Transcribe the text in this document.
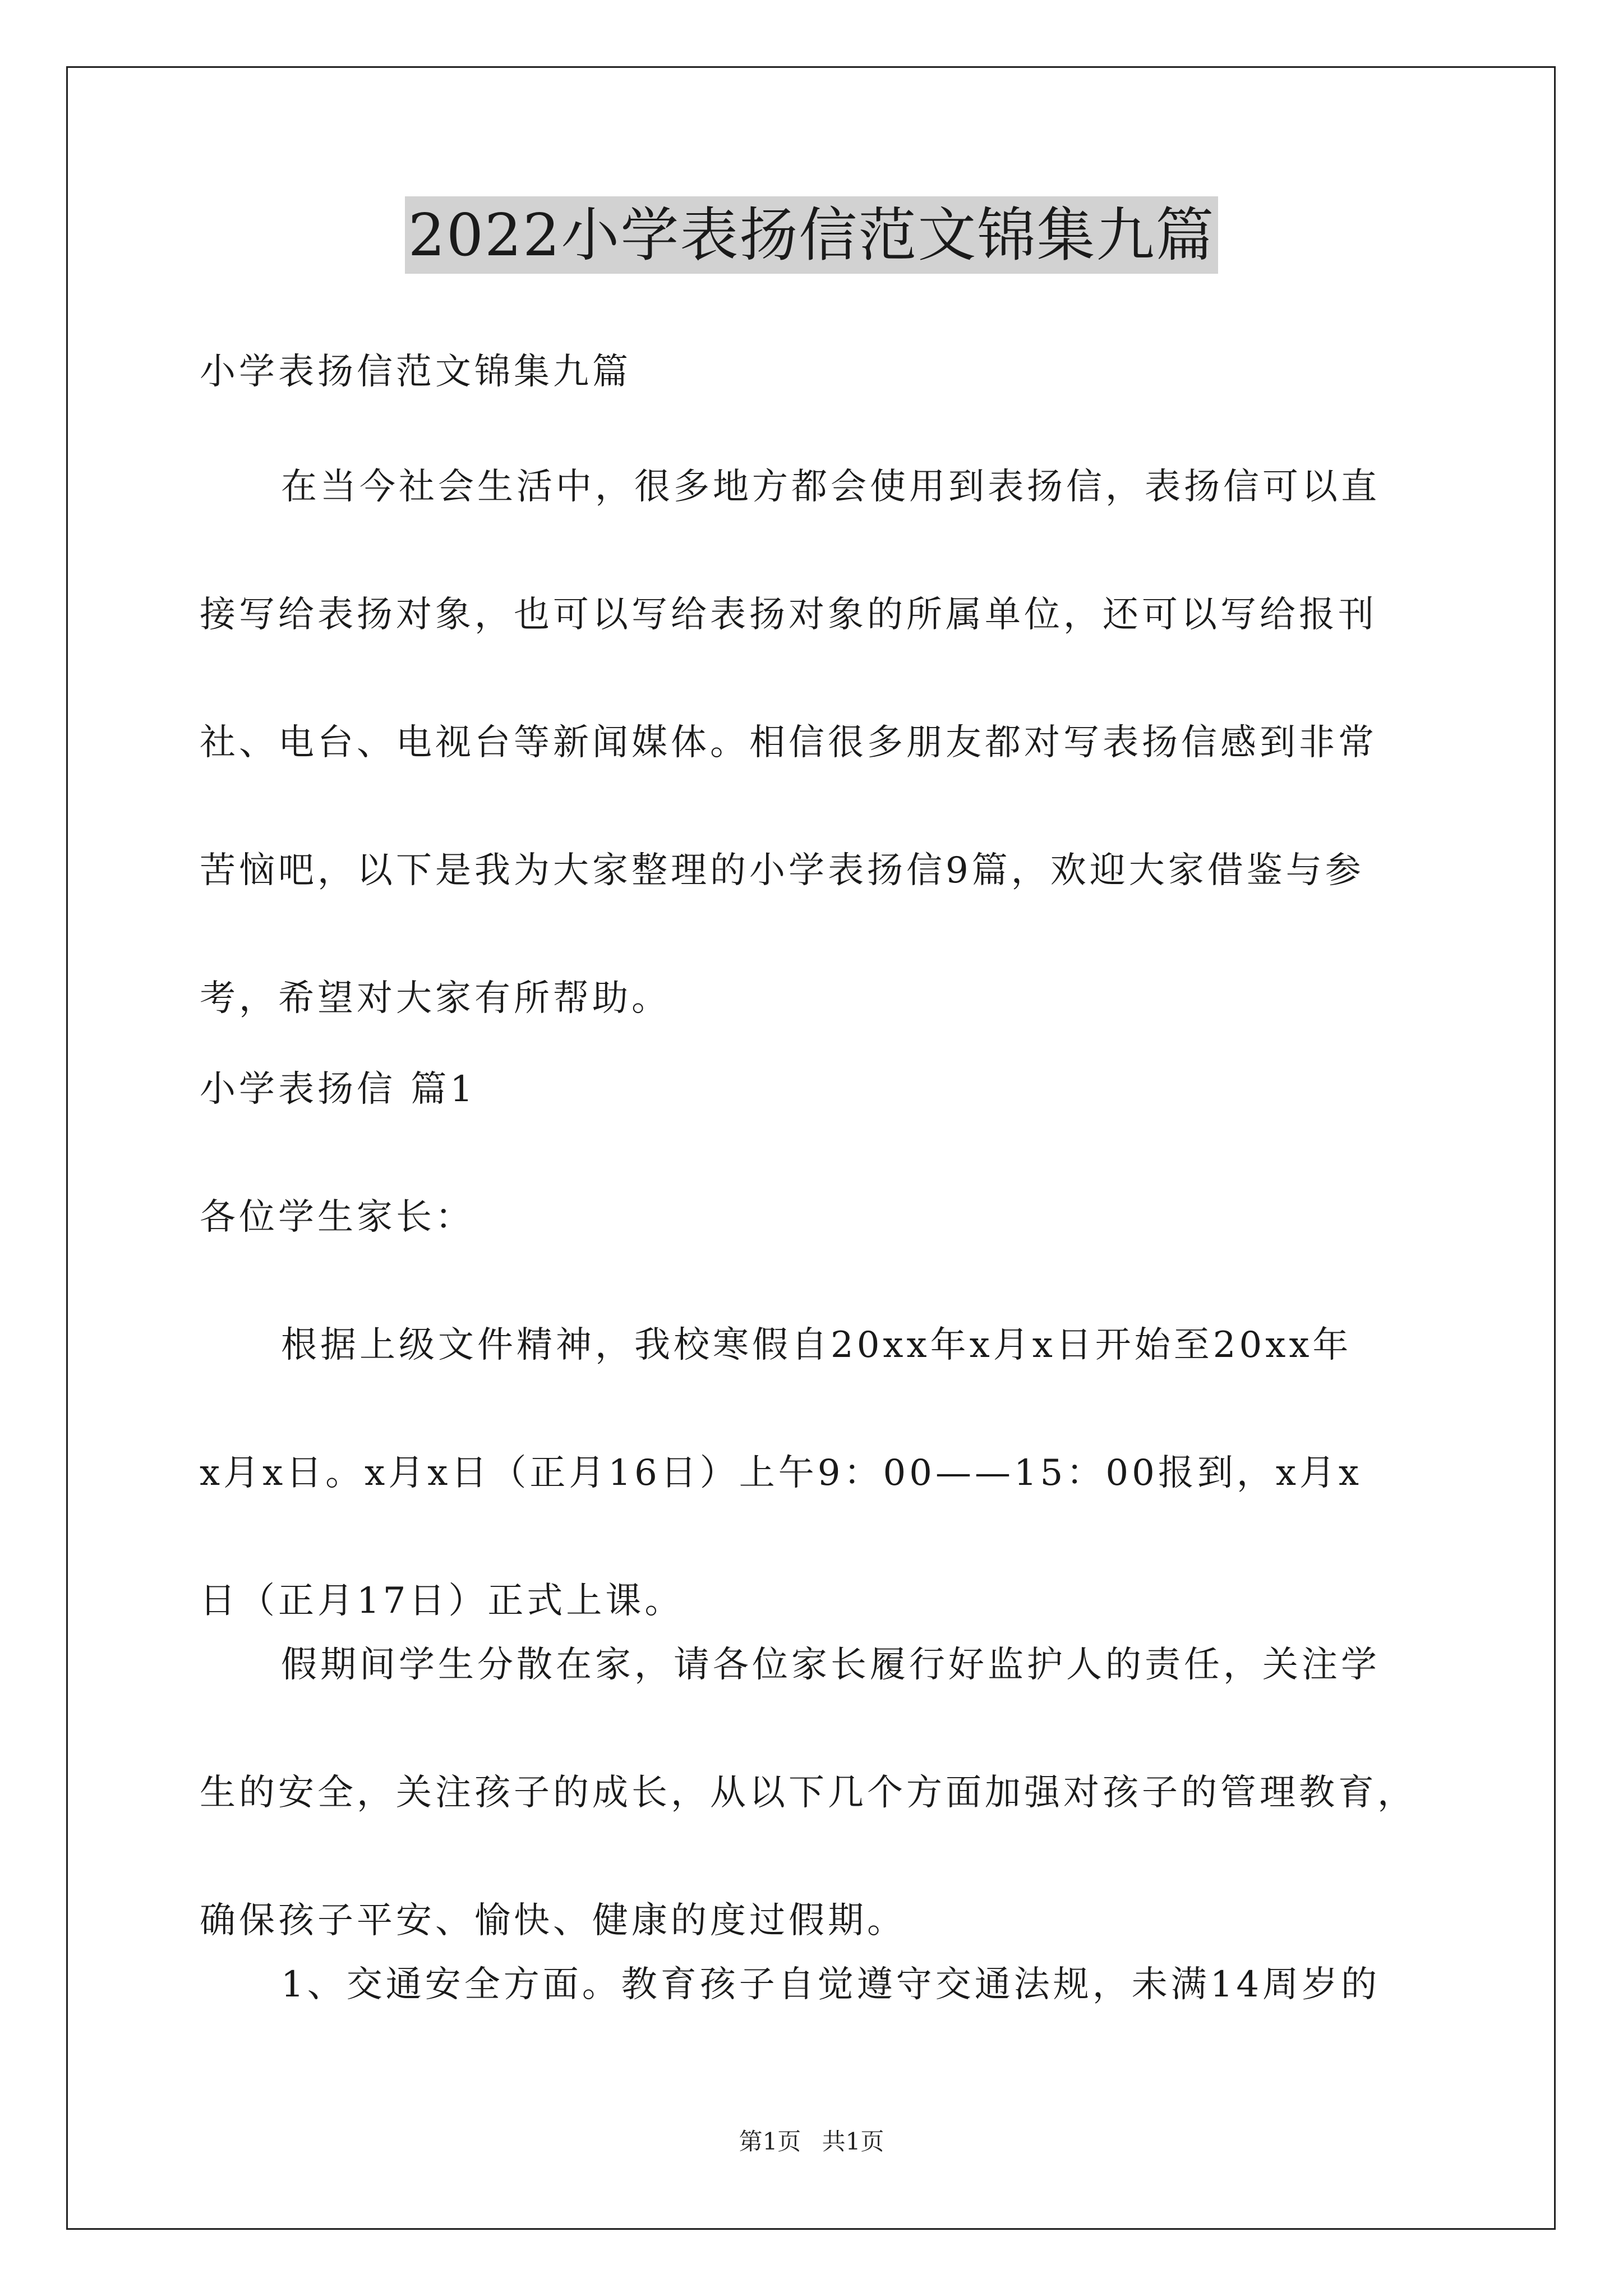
2022小学表扬信范文锦集九篇
小学表扬信范文锦集九篇
在当今社会生活中，很多地方都会使用到表扬信，表扬信可以直
接写给表扬对象，也可以写给表扬对象的所属单位，还可以写给报刊
社、电台、电视台等新闻媒体。相信很多朋友都对写表扬信感到非常
苦恼吧，以下是我为大家整理的小学表扬信9篇，欢迎大家借鉴与参
考，希望对大家有所帮助。
小学表扬信 篇1
各位学生家长：
根据上级文件精神，我校寒假自20xx年x月x日开始至20xx年
x月x日。x月x日（正月16日）上午9：00——15：00报到，x月x
日（正月17日）正式上课。
假期间学生分散在家，请各位家长履行好监护人的责任，关注学
生的安全，关注孩子的成长，从以下几个方面加强对孩子的管理教育，
确保孩子平安、愉快、健康的度过假期。
1、交通安全方面。教育孩子自觉遵守交通法规，未满14周岁的
第1页 共1页
